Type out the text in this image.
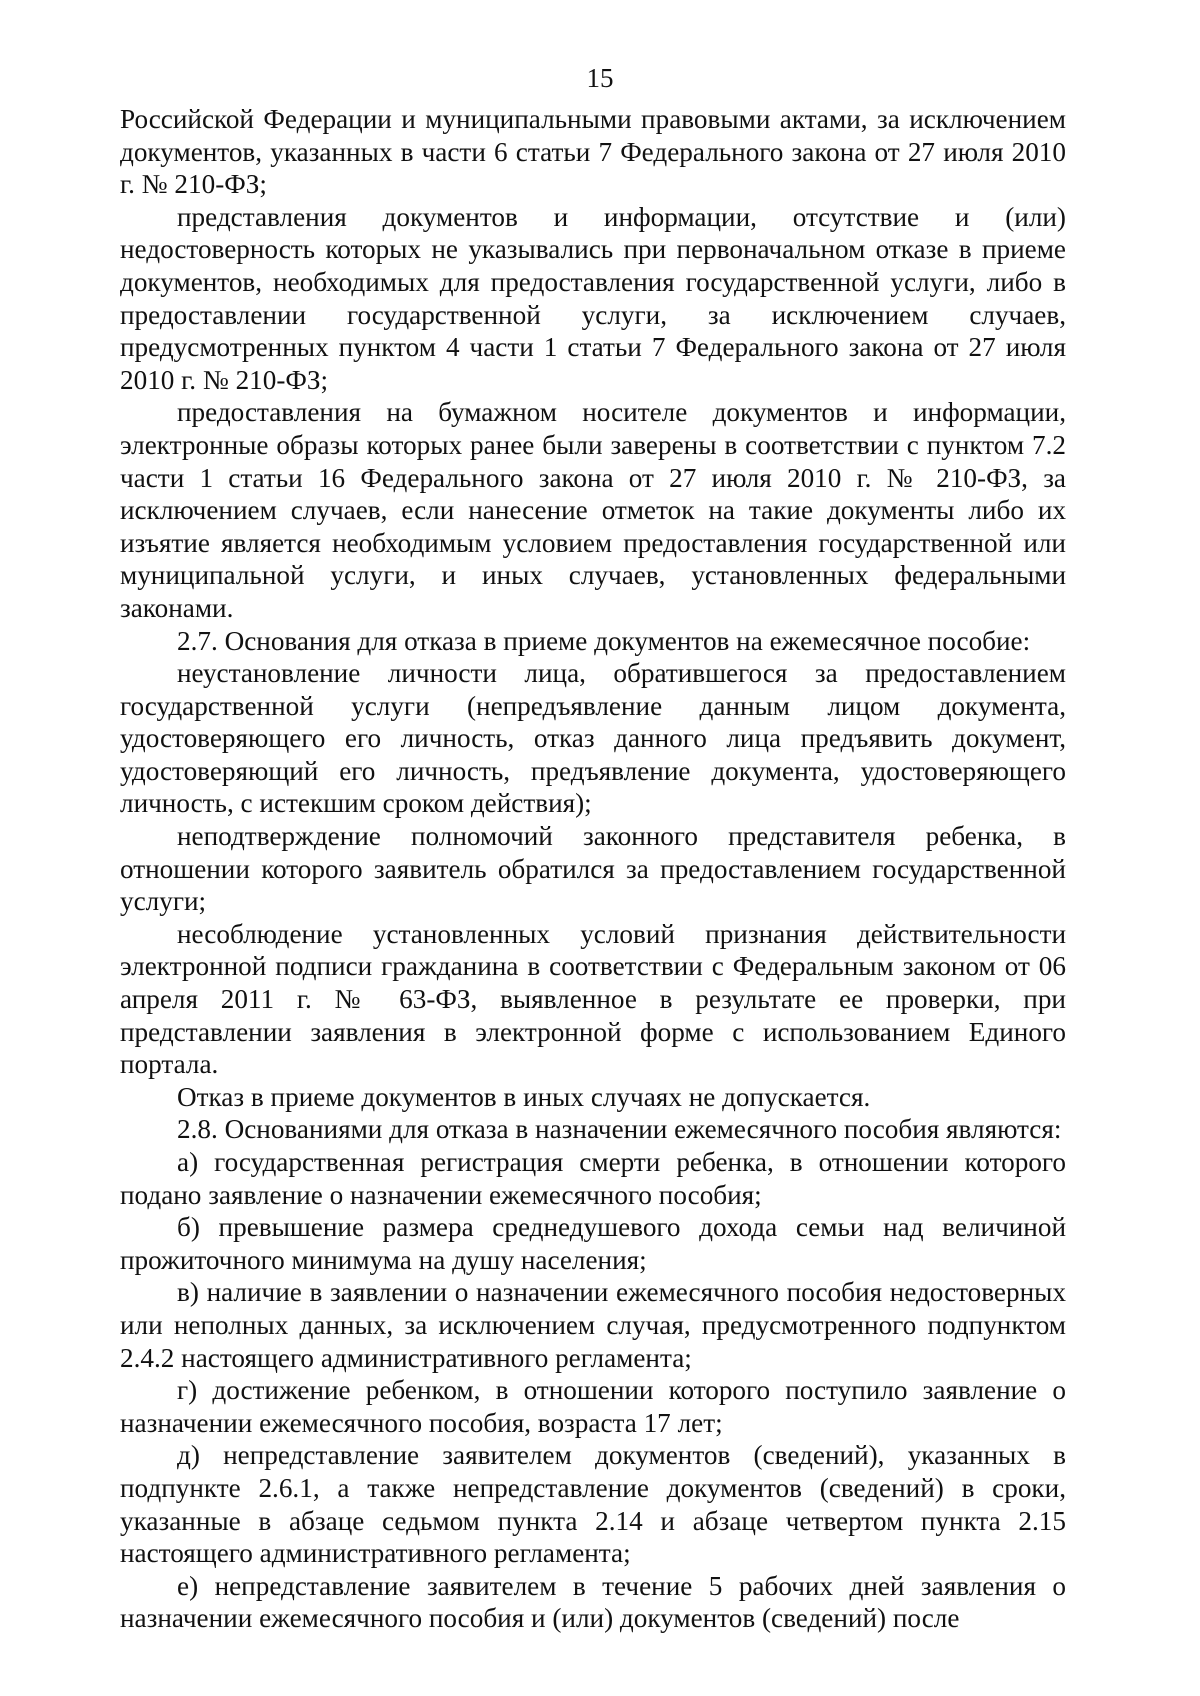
15

Российской Федерации и муниципальными правовыми актами, за исключением документов, указанных в части 6 статьи 7 Федерального закона от 27 июля 2010 г. № 210-ФЗ;

представления документов и информации, отсутствие и (или) недостоверность которых не указывались при первоначальном отказе в приеме документов, необходимых для предоставления государственной услуги, либо в предоставлении государственной услуги, за исключением случаев, предусмотренных пунктом 4 части 1 статьи 7 Федерального закона от 27 июля 2010 г. № 210-ФЗ;

предоставления на бумажном носителе документов и информации, электронные образы которых ранее были заверены в соответствии с пунктом 7.2 части 1 статьи 16 Федерального закона от 27 июля 2010 г. № 210-ФЗ, за исключением случаев, если нанесение отметок на такие документы либо их изъятие является необходимым условием предоставления государственной или муниципальной услуги, и иных случаев, установленных федеральными законами.

2.7. Основания для отказа в приеме документов на ежемесячное пособие:

неустановление личности лица, обратившегося за предоставлением государственной услуги (непредъявление данным лицом документа, удостоверяющего его личность, отказ данного лица предъявить документ, удостоверяющий его личность, предъявление документа, удостоверяющего личность, с истекшим сроком действия);

неподтверждение полномочий законного представителя ребенка, в отношении которого заявитель обратился за предоставлением государственной услуги;

несоблюдение установленных условий признания действительности электронной подписи гражданина в соответствии с Федеральным законом от 06 апреля 2011 г. № 63-ФЗ, выявленное в результате ее проверки, при представлении заявления в электронной форме с использованием Единого портала.

Отказ в приеме документов в иных случаях не допускается.

2.8. Основаниями для отказа в назначении ежемесячного пособия являются:

а) государственная регистрация смерти ребенка, в отношении которого подано заявление о назначении ежемесячного пособия;

б) превышение размера среднедушевого дохода семьи над величиной прожиточного минимума на душу населения;

в) наличие в заявлении о назначении ежемесячного пособия недостоверных или неполных данных, за исключением случая, предусмотренного подпунктом 2.4.2 настоящего административного регламента;

г) достижение ребенком, в отношении которого поступило заявление о назначении ежемесячного пособия, возраста 17 лет;

д) непредставление заявителем документов (сведений), указанных в подпункте 2.6.1, а также непредставление документов (сведений) в сроки, указанные в абзаце седьмом пункта 2.14 и абзаце четвертом пункта 2.15 настоящего административного регламента;

е) непредставление заявителем в течение 5 рабочих дней заявления о назначении ежемесячного пособия и (или) документов (сведений) после
